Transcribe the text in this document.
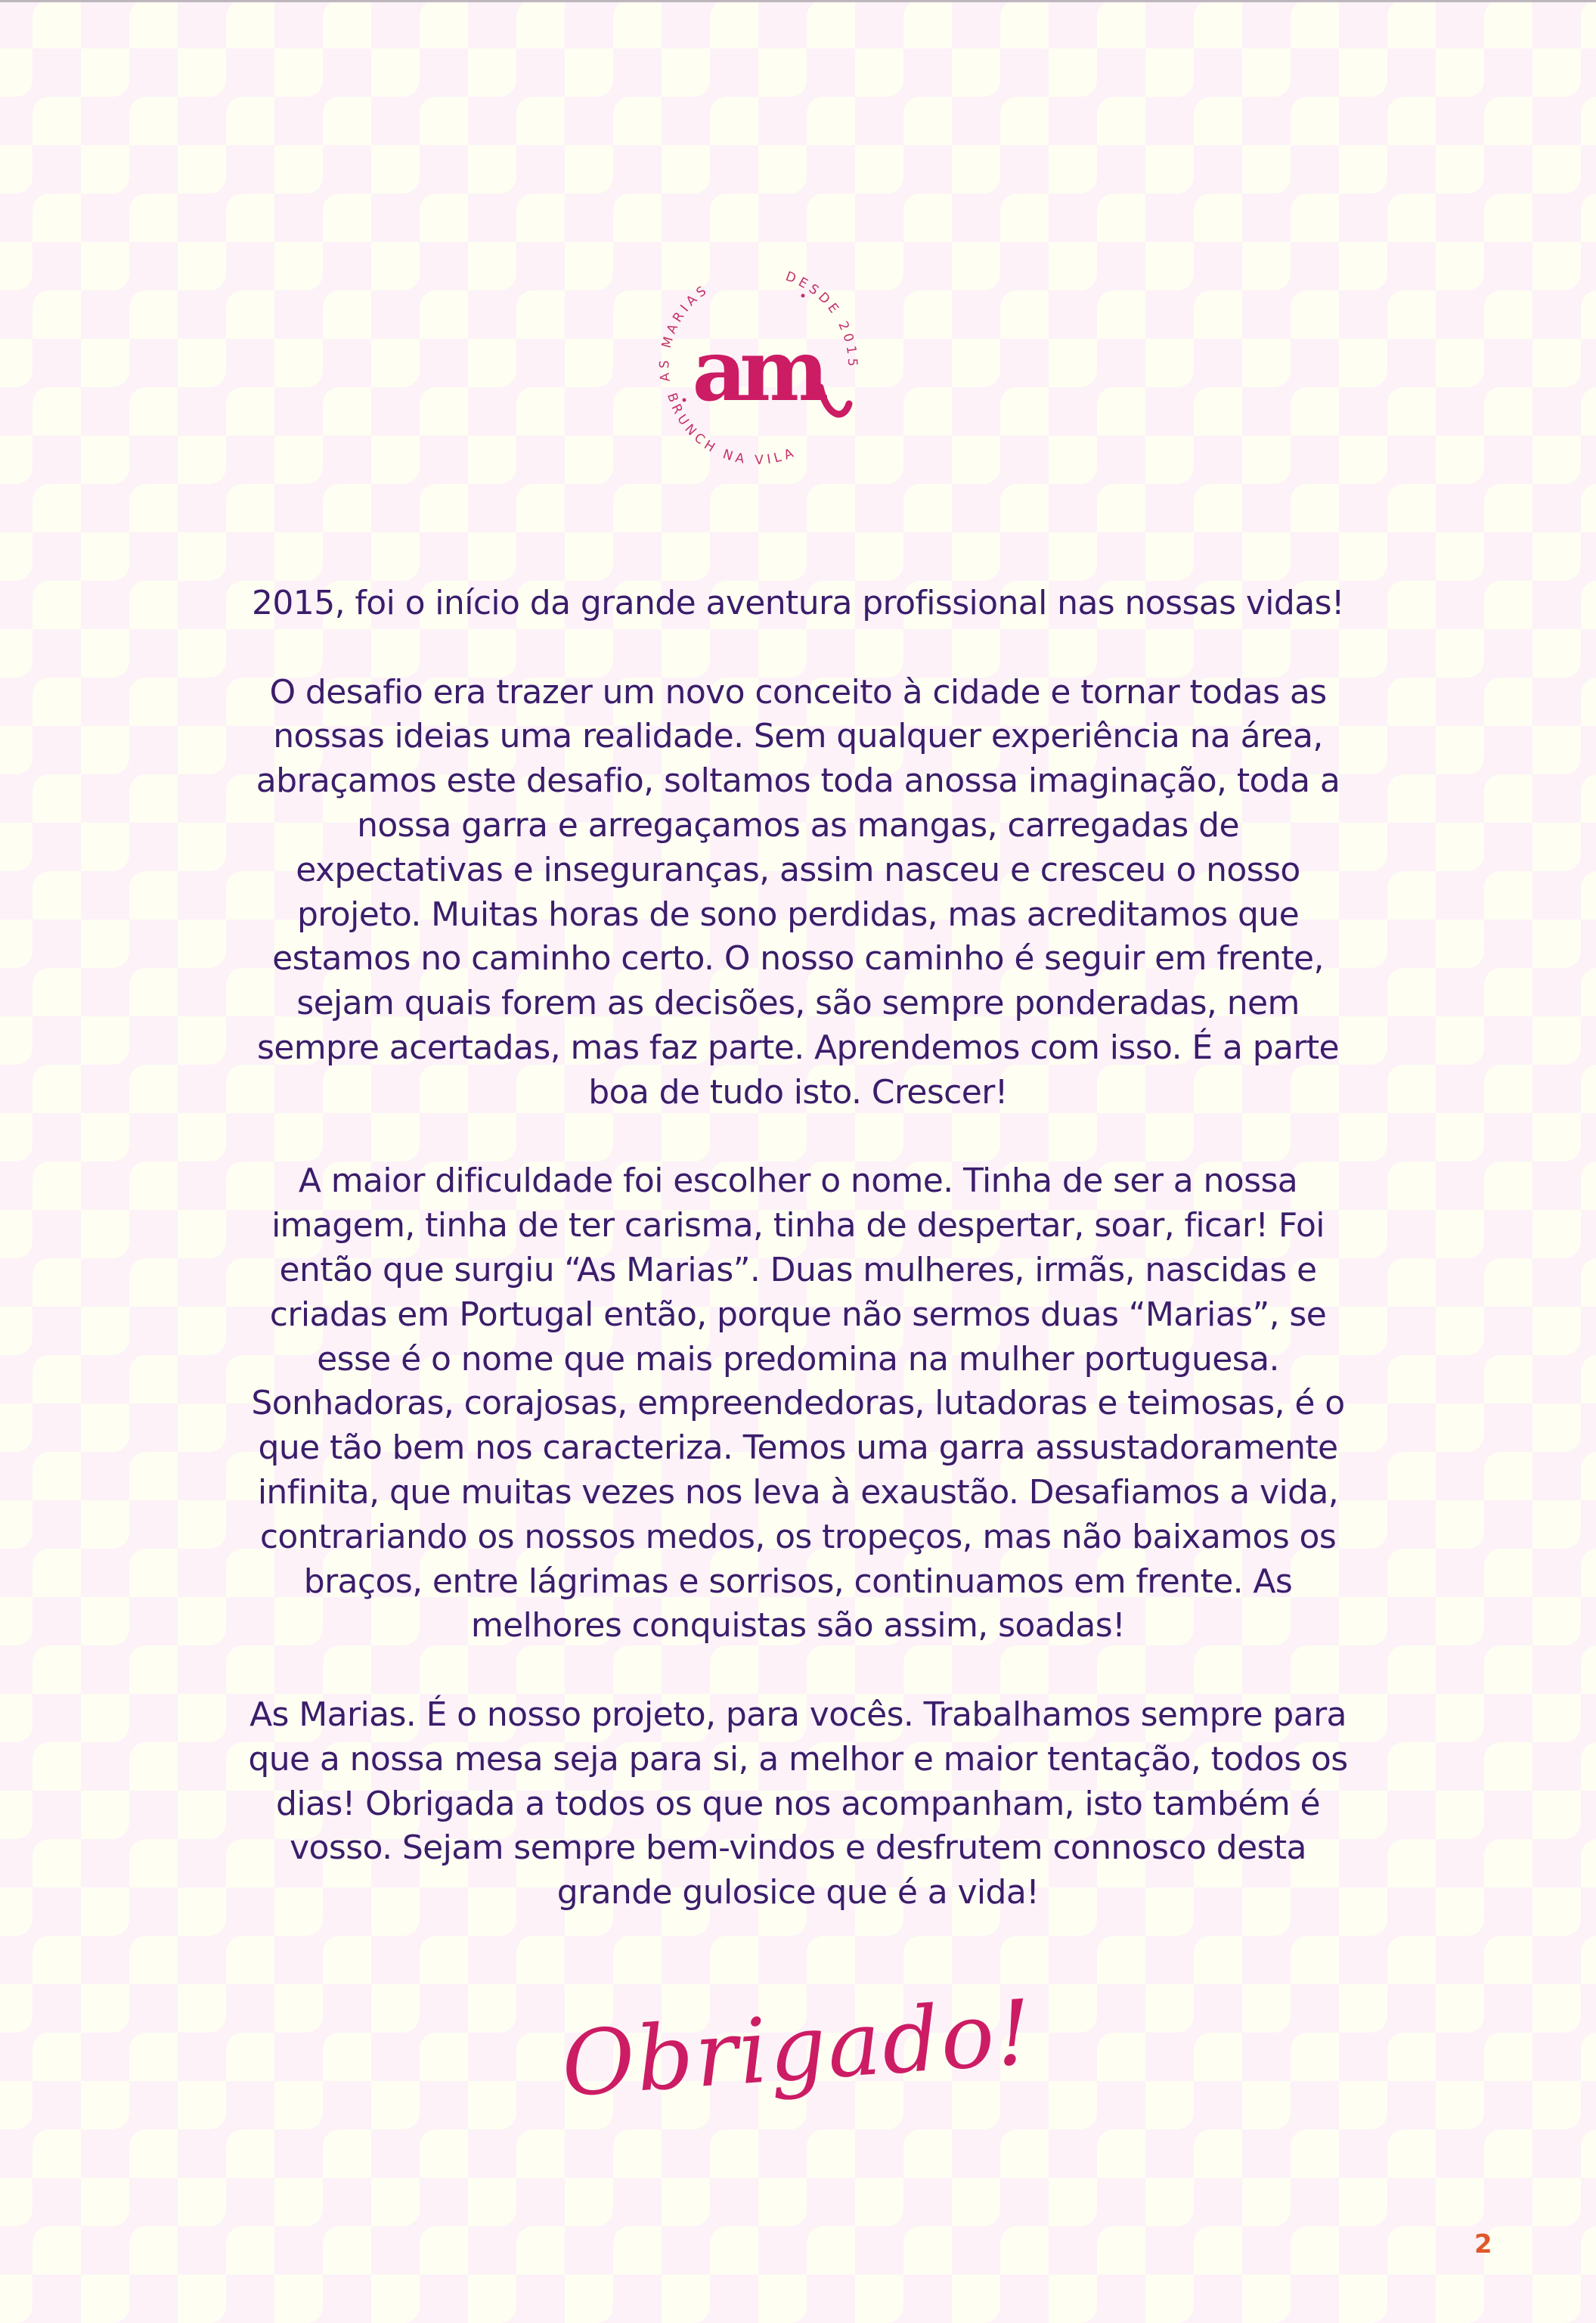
AS MARIAS
DESDE 2015
BRUNCH NA VILA
am

2015, foi o início da grande aventura profissional nas nossas vidas!

O desafio era trazer um novo conceito à cidade e tornar todas as
nossas ideias uma realidade. Sem qualquer experiência na área,
abraçamos este desafio, soltamos toda anossa imaginação, toda a
nossa garra e arregaçamos as mangas, carregadas de
expectativas e inseguranças, assim nasceu e cresceu o nosso
projeto. Muitas horas de sono perdidas, mas acreditamos que
estamos no caminho certo. O nosso caminho é seguir em frente,
sejam quais forem as decisões, são sempre ponderadas, nem
sempre acertadas, mas faz parte. Aprendemos com isso. É a parte
boa de tudo isto. Crescer!

A maior dificuldade foi escolher o nome. Tinha de ser a nossa
imagem, tinha de ter carisma, tinha de despertar, soar, ficar! Foi
então que surgiu “As Marias”. Duas mulheres, irmãs, nascidas e
criadas em Portugal então, porque não sermos duas “Marias”, se
esse é o nome que mais predomina na mulher portuguesa.
Sonhadoras, corajosas, empreendedoras, lutadoras e teimosas, é o
que tão bem nos caracteriza. Temos uma garra assustadoramente
infinita, que muitas vezes nos leva à exaustão. Desafiamos a vida,
contrariando os nossos medos, os tropeços, mas não baixamos os
braços, entre lágrimas e sorrisos, continuamos em frente. As
melhores conquistas são assim, soadas!

As Marias. É o nosso projeto, para vocês. Trabalhamos sempre para
que a nossa mesa seja para si, a melhor e maior tentação, todos os
dias! Obrigada a todos os que nos acompanham, isto também é
vosso. Sejam sempre bem-vindos e desfrutem connosco desta
grande gulosice que é a vida!

Obrigado!
2
